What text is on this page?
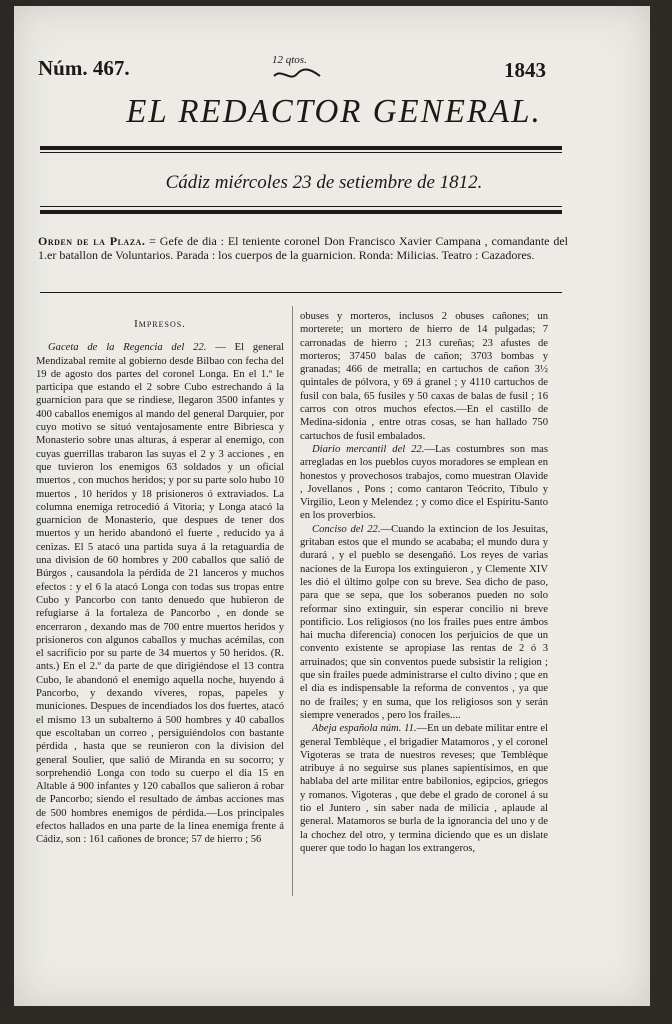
Núm. 467.	12 qtos.	1843
EL REDACTOR GENERAL.
Cádiz miércoles 23 de setiembre de 1812.
Orden de la Plaza. = Gefe de dia : El teniente coronel Don Francisco Xavier Campana , comandante del 1.er batallon de Voluntarios. Parada : los cuerpos de la guarnicion. Ronda: Milicias. Teatro : Cazadores.
Impresos.

Gaceta de la Regencia del 22. — El general Mendizabal remite al gobierno desde Bilbao con fecha del 19 de agosto dos partes del coronel Longa. En el 1.º le participa que estando el 2 sobre Cubo estrechando á la guarnicion para que se rindiese, llegaron 3500 infantes y 400 caballos enemigos al mando del general Darquier, por cuyo motivo se situó ventajosamente entre Bibriesca y Monasterio sobre unas alturas, á esperar al enemigo, con cuyas guerrillas trabaron las suyas el 2 y 3 acciones , en que tuvieron los enemigos 63 soldados y un oficial muertos , con muchos heridos; y por su parte solo hubo 10 muertos , 10 heridos y 18 prisioneros ó extraviados. La columna enemiga retrocedió á Vitoria; y Longa atacó la guarnicion de Monasterio, que despues de tener dos muertos y un herido abandonó el fuerte , reducido ya á cenizas. El 5 atacó una partida suya á la retaguardia de una division de 60 hombres y 200 caballos que salió de Búrgos , causandola la pérdida de 21 lanceros y muchos efectos : y el 6 la atacó Longa con todas sus tropas entre Cubo y Pancorbo con tanto denuedo que hubieron de refugiarse á la fortaleza de Pancorbo , en donde se encerraron , dexando mas de 700 entre muertos heridos y prisioneros con algunos caballos y muchas acémilas, con el sacrificio por su parte de 34 muertos y 50 heridos. (R. ants.) En el 2.º da parte de que dirigiéndose el 13 contra Cubo, le abandonó el enemigo aquella noche, huyendo á Pancorbo, y dexando víveres, ropas, papeles y municiones. Despues de incendiados los dos fuertes, atacó el mismo 13 un subalterno á 500 hombres y 40 caballos que escoltaban un correo , persiguiéndolos con bastante pérdida , hasta que se reunieron con la division del general Soulier, que salió de Miranda en su socorro; y sorprehendió Longa con todo su cuerpo el dia 15 en Altable á 900 infantes y 120 caballos que salieron á robar de Pancorbo; siendo el resultado de ámbas acciones mas de 500 hombres enemigos de pérdida.—Los principales efectos hallados en una parte de la linea enemiga frente á Cádiz, son : 161 cañones de bronce; 57 de hierro ; 56

obuses y morteros, inclusos 2 obuses cañones; un morterete; un mortero de hierro de 14 pulgadas; 7 carronadas de hierro ; 213 cureñas; 23 afustes de morteros; 37450 balas de cañon; 3703 bombas y granadas; 466 de metralla; en cartuchos de cañon 3½ quintales de pólvora, y 69 á granel ; y 4110 cartuchos de fusil con bala, 65 fusiles y 50 caxas de balas de fusil ; 16 carros con otros muchos efectos.—En el castillo de Medina-sidonia , entre otras cosas, se han hallado 750 cartuchos de fusil embalados.

Diario mercantil del 22.—Las costumbres son mas arregladas en los pueblos cuyos moradores se emplean en honestos y provechosos trabajos, como muestran Olavide , Jovellanos , Pons ; como cantaron Teócrito, Tíbulo y Virgilio, Leon y Melendez ; y como dice el Espíritu-Santo en los proverbios.

Conciso del 22.—Cuando la extincion de los Jesuitas, gritaban estos que el mundo se acababa; el mundo dura y durará , y el pueblo se desengañó. Los reyes de varias naciones de la Europa los extinguieron , y Clemente XIV les dió el último golpe con su breve. Sea dicho de paso, para que se sepa, que los soberanos pueden no solo reformar sino extinguir, sin esperar concilio ni breve pontificio. Los religiosos (no los frailes pues entre ámbos hai mucha diferencia) conocen los perjuicios de que un convento existente se apropiase las rentas de 2 ó 3 arruinados; que sin conventos puede subsistir la religion ; que sin frailes puede administrarse el culto divino ; que en el dia es indispensable la reforma de conventos , ya que no de frailes; y en suma, que los religiosos son y serán siempre venerados , pero los frailes....

Abeja española núm. 11.—En un debate militar entre el general Temblèque , el brigadier Matamoros , y el coronel Vigoteras se trata de nuestros reveses; que Temblèque atribuye á no seguirse sus planes sapientísimos, en que hablaba del arte militar entre babilonios, egipcios, griegos y romanos. Vigoteras , que debe el grado de coronel á su tio el Juntero , sin saber nada de milicia , aplaude al general. Matamoros se burla de la ignorancia del uno y de la chochez del otro, y termina diciendo que es un dislate querer que todo lo hagan los extrangeros,
